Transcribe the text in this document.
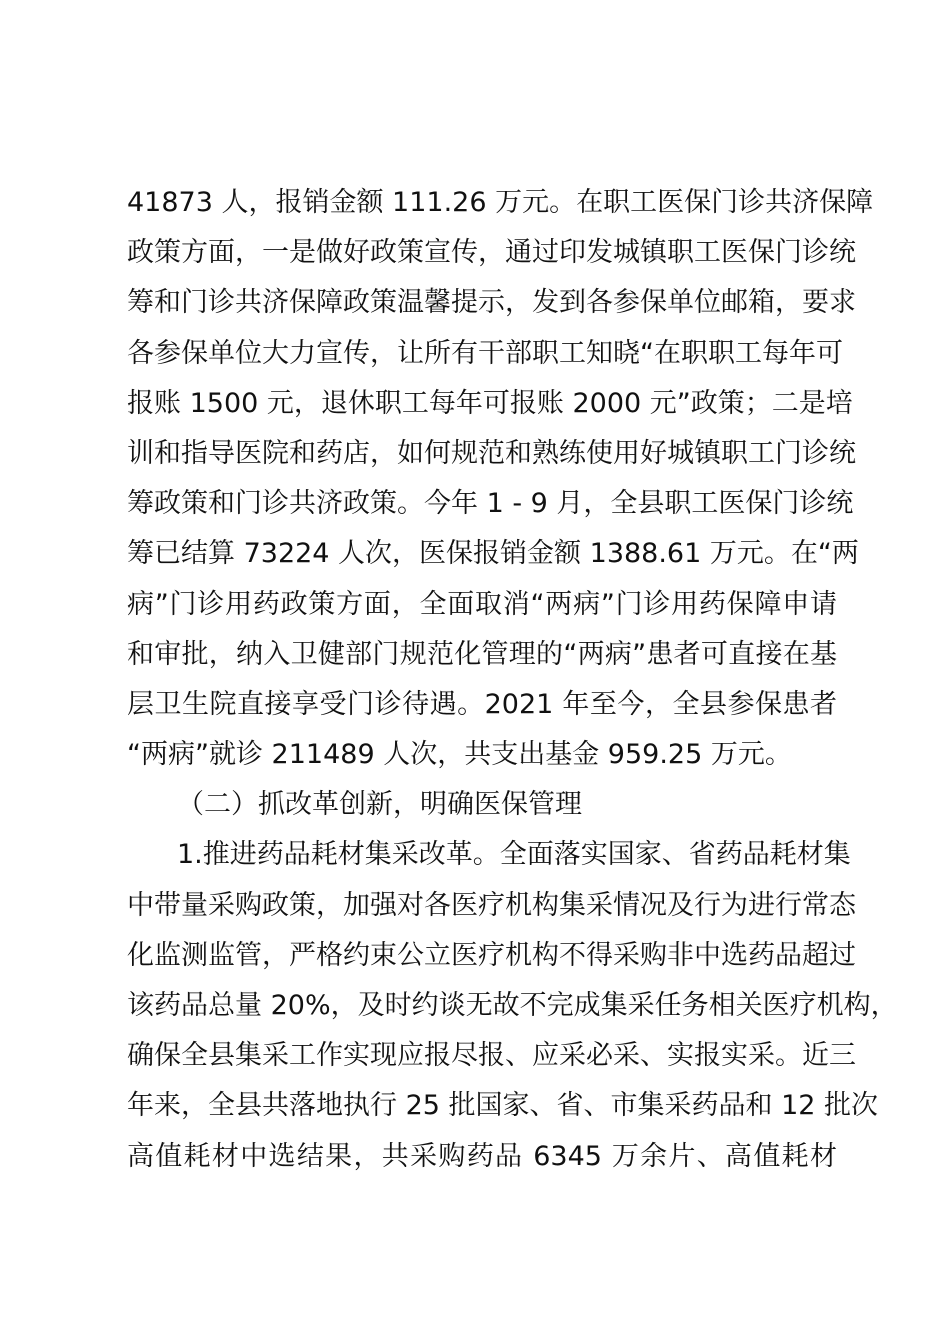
41873 人，报销金额 111.26 万元。在职工医保门诊共济保障
政策方面，一是做好政策宣传，通过印发城镇职工医保门诊统
筹和门诊共济保障政策温馨提示，发到各参保单位邮箱，要求
各参保单位大力宣传，让所有干部职工知晓“在职职工每年可
报账 1500 元，退休职工每年可报账 2000 元”政策；二是培
训和指导医院和药店，如何规范和熟练使用好城镇职工门诊统
筹政策和门诊共济政策。今年 1 - 9 月，全县职工医保门诊统
筹已结算 73224 人次，医保报销金额 1388.61 万元。在“两
病”门诊用药政策方面，全面取消“两病”门诊用药保障申请
和审批，纳入卫健部门规范化管理的“两病”患者可直接在基
层卫生院直接享受门诊待遇。2021 年至今，全县参保患者
“两病”就诊 211489 人次，共支出基金 959.25 万元。
（二）抓改革创新，明确医保管理
1.推进药品耗材集采改革。全面落实国家、省药品耗材集
中带量采购政策，加强对各医疗机构集采情况及行为进行常态
化监测监管，严格约束公立医疗机构不得采购非中选药品超过
该药品总量 20%，及时约谈无故不完成集采任务相关医疗机构，
确保全县集采工作实现应报尽报、应采必采、实报实采。近三
年来，全县共落地执行 25 批国家、省、市集采药品和 12 批次
高值耗材中选结果，共采购药品 6345 万余片、高值耗材
